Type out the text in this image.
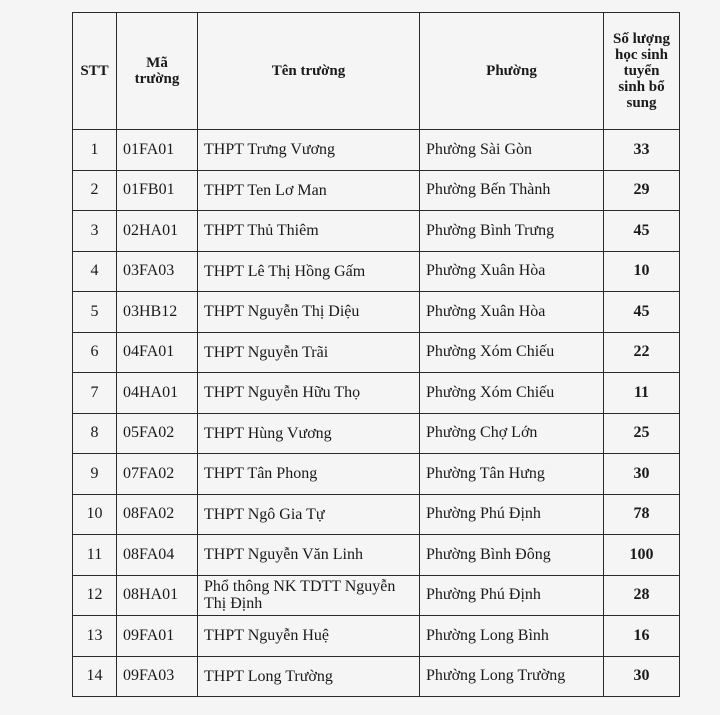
STT	Mã trường	Tên trường	Phường	Số lượng học sinh tuyển sinh bổ sung
1	01FA01	THPT Trưng Vương	Phường Sài Gòn	33
2	01FB01	THPT Ten Lơ Man	Phường Bến Thành	29
3	02HA01	THPT Thủ Thiêm	Phường Bình Trưng	45
4	03FA03	THPT Lê Thị Hồng Gấm	Phường Xuân Hòa	10
5	03HB12	THPT Nguyễn Thị Diệu	Phường Xuân Hòa	45
6	04FA01	THPT Nguyễn Trãi	Phường Xóm Chiếu	22
7	04HA01	THPT Nguyễn Hữu Thọ	Phường Xóm Chiếu	11
8	05FA02	THPT Hùng Vương	Phường Chợ Lớn	25
9	07FA02	THPT Tân Phong	Phường Tân Hưng	30
10	08FA02	THPT Ngô Gia Tự	Phường Phú Định	78
11	08FA04	THPT Nguyễn Văn Linh	Phường Bình Đông	100
12	08HA01	Phổ thông NK TDTT Nguyễn Thị Định	Phường Phú Định	28
13	09FA01	THPT Nguyễn Huệ	Phường Long Bình	16
14	09FA03	THPT Long Trường	Phường Long Trường	30
